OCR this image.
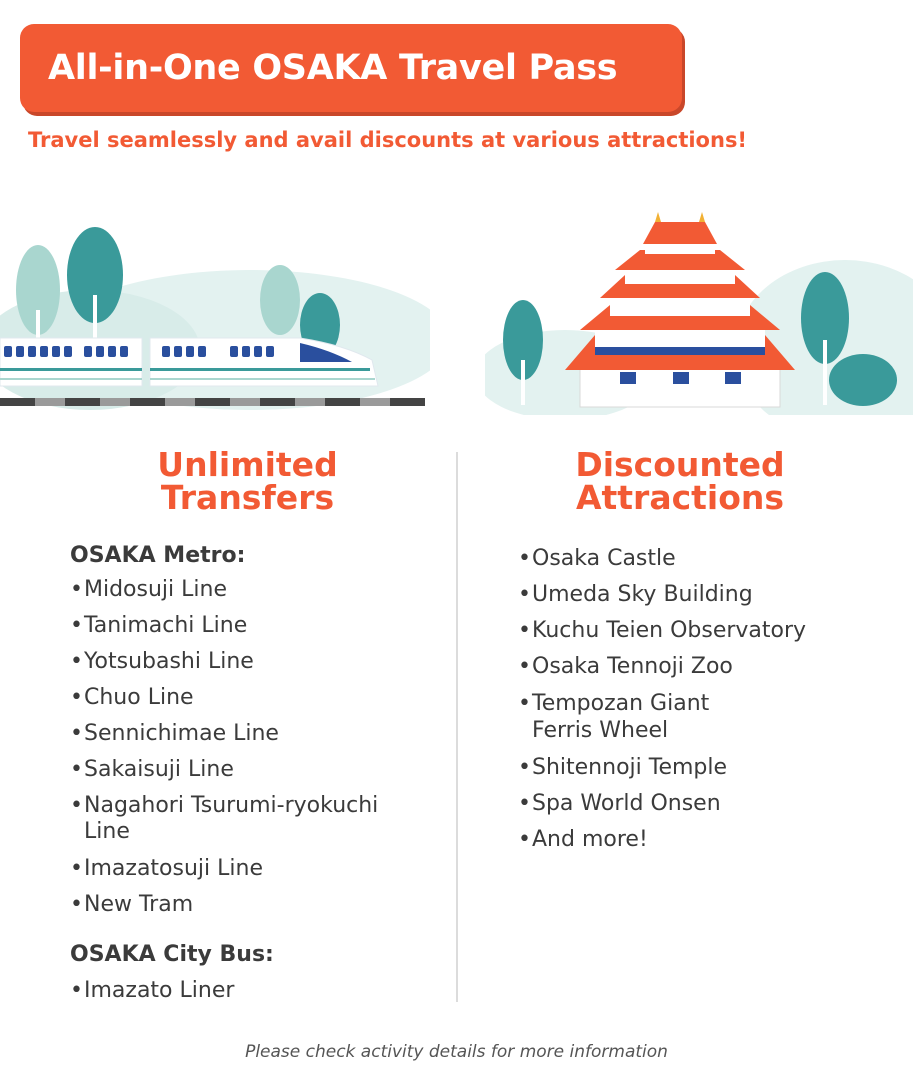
All-in-One OSAKA Travel Pass
Travel seamlessly and avail discounts at various attractions!
Unlimited
Transfers
Discounted
Attractions
OSAKA Metro:
• Midosuji Line
• Tanimachi Line
• Yotsubashi Line
• Chuo Line
• Sennichimae Line
• Sakaisuji Line
• Nagahori Tsurumi-ryokuchi Line
• Imazatosuji Line
• New Tram
OSAKA City Bus:
• Imazato Liner
• Osaka Castle
• Umeda Sky Building
• Kuchu Teien Observatory
• Osaka Tennoji Zoo
• Tempozan Giant Ferris Wheel
• Shitennoji Temple
• Spa World Onsen
• And more!
Please check activity details for more information
